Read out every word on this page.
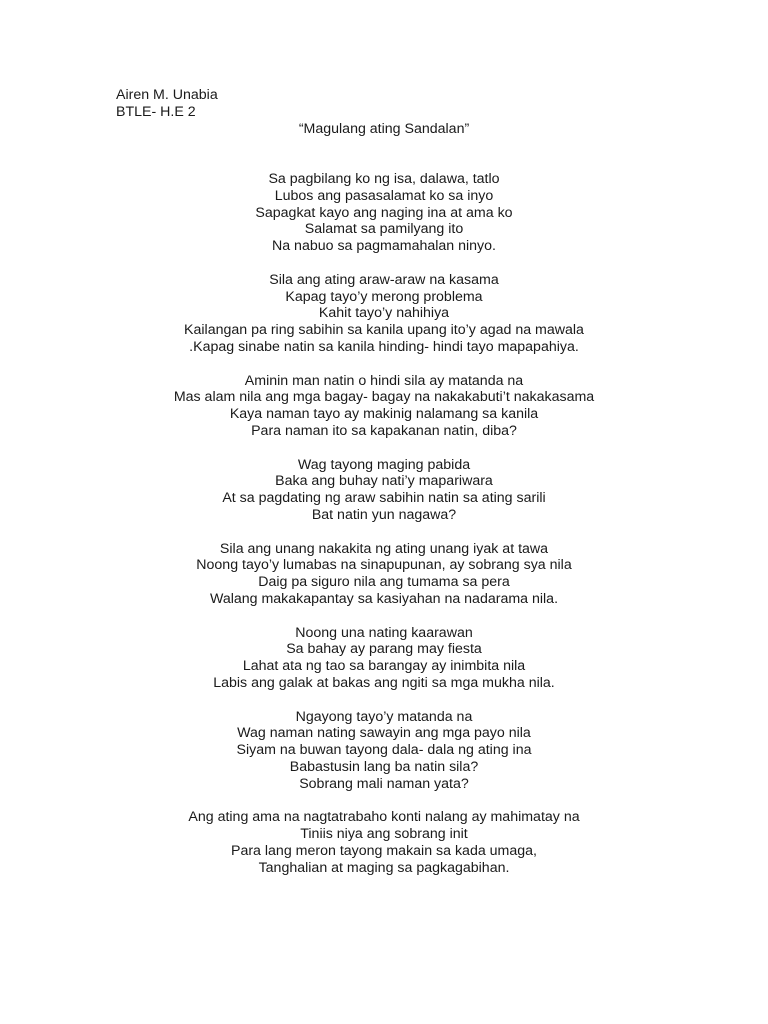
Airen M. Unabia
BTLE- H.E 2
“Magulang ating Sandalan”
Sa pagbilang ko ng isa, dalawa, tatlo
Lubos ang pasasalamat ko sa inyo
Sapagkat kayo ang naging ina at ama ko
Salamat sa pamilyang ito
Na nabuo sa pagmamahalan ninyo.
Sila ang ating araw-araw na kasama
Kapag tayo’y merong problema
Kahit tayo’y nahihiya
Kailangan pa ring sabihin sa kanila upang ito’y agad na mawala
.Kapag sinabe natin sa kanila hinding- hindi tayo mapapahiya.
Aminin man natin o hindi sila ay matanda na
Mas alam nila ang mga bagay- bagay na nakakabuti’t nakakasama
Kaya naman tayo ay makinig nalamang sa kanila
Para naman ito sa kapakanan natin, diba?
Wag tayong maging pabida
Baka ang buhay nati’y mapariwara
At sa pagdating ng araw sabihin natin sa ating sarili
Bat natin yun nagawa?
Sila ang unang nakakita ng ating unang iyak at tawa
Noong tayo’y lumabas na sinapupunan, ay sobrang sya nila
Daig pa siguro nila ang tumama sa pera
Walang makakapantay sa kasiyahan na nadarama nila.
Noong una nating kaarawan
Sa bahay ay parang may fiesta
Lahat ata ng tao sa barangay ay inimbita nila
Labis ang galak at bakas ang ngiti sa mga mukha nila.
Ngayong tayo’y matanda na
Wag naman nating sawayin ang mga payo nila
Siyam na buwan tayong dala- dala ng ating ina
Babastusin lang ba natin sila?
Sobrang mali naman yata?
Ang ating ama na nagtatrabaho konti nalang ay mahimatay na
Tiniis niya ang sobrang init
Para lang meron tayong makain sa kada umaga,
Tanghalian at maging sa pagkagabihan.
